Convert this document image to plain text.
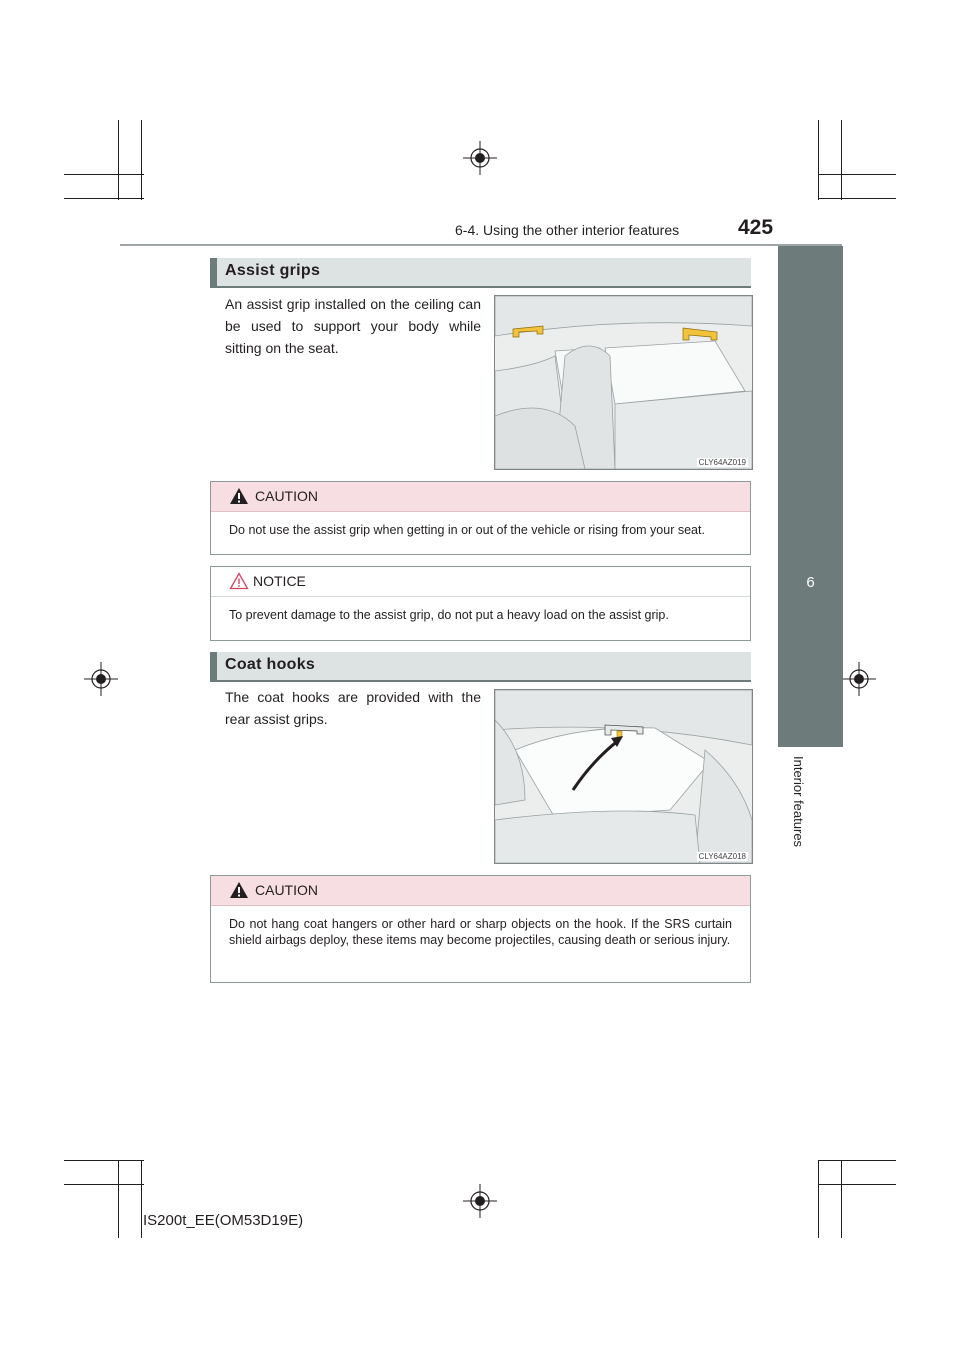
6-4. Using the other interior features	425
6
Interior features
Assist grips
An assist grip installed on the ceiling can be used to support your body while sitting on the seat.
CLY64AZ019
CAUTION
Do not use the assist grip when getting in or out of the vehicle or rising from your seat.
NOTICE
To prevent damage to the assist grip, do not put a heavy load on the assist grip.
Coat hooks
The coat hooks are provided with the rear assist grips.
CLY64AZ018
CAUTION
Do not hang coat hangers or other hard or sharp objects on the hook. If the SRS curtain shield airbags deploy, these items may become projectiles, causing death or serious injury.
IS200t_EE(OM53D19E)
